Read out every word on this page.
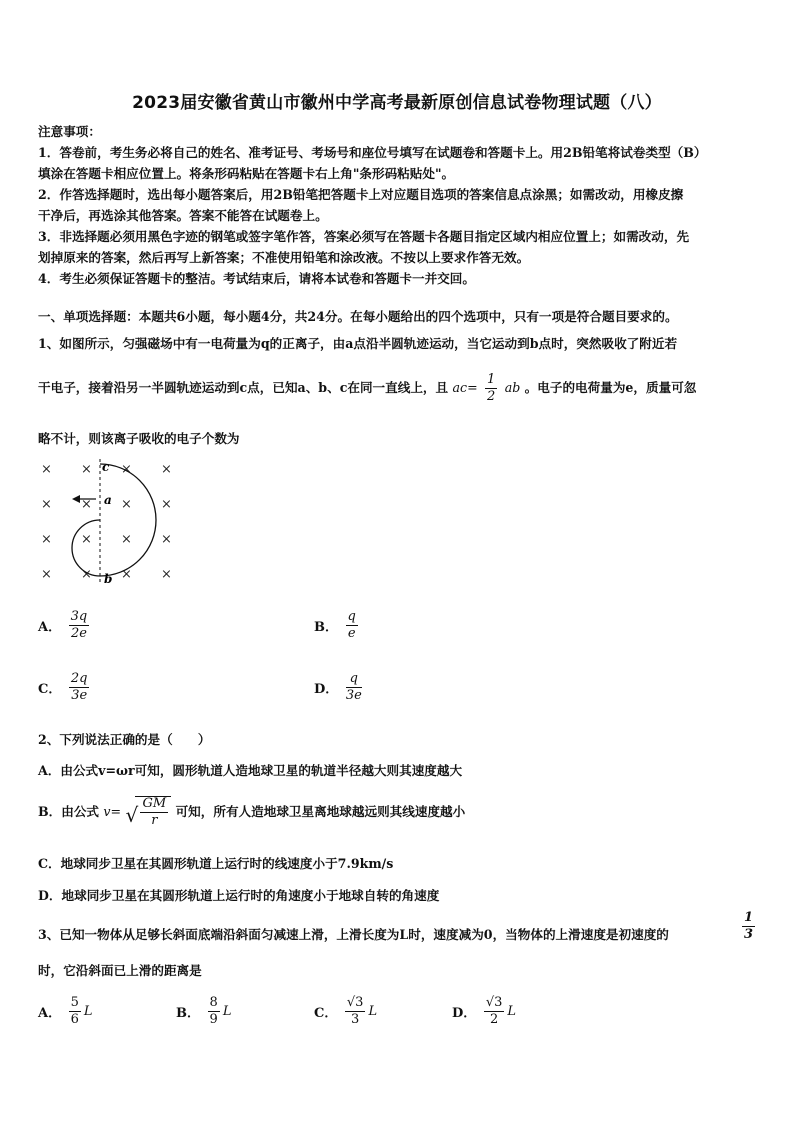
2023届安徽省黄山市徽州中学高考最新原创信息试卷物理试题（八）
注意事项：
1．答卷前，考生务必将自己的姓名、准考证号、考场号和座位号填写在试题卷和答题卡上。用2B铅笔将试卷类型（B）
填涂在答题卡相应位置上。将条形码粘贴在答题卡右上角"条形码粘贴处"。
2．作答选择题时，选出每小题答案后，用2B铅笔把答题卡上对应题目选项的答案信息点涂黑；如需改动，用橡皮擦
干净后，再选涂其他答案。答案不能答在试题卷上。
3．非选择题必须用黑色字迹的钢笔或签字笔作答，答案必须写在答题卡各题目指定区域内相应位置上；如需改动，先
划掉原来的答案，然后再写上新答案；不准使用铅笔和涂改液。不按以上要求作答无效。
4．考生必须保证答题卡的整洁。考试结束后，请将本试卷和答题卡一并交回。
一、单项选择题：本题共6小题，每小题4分，共24分。在每小题给出的四个选项中，只有一项是符合题目要求的。
1、如图所示，匀强磁场中有一电荷量为q的正离子，由a点沿半圆轨迹运动，当它运动到b点时，突然吸收了附近若
干电子，接着沿另一半圆轨迹运动到c点，已知a、b、c在同一直线上，且 $ac= \frac{1}{2}$ ab 。电子的电荷量为e，质量可忽
略不计，则该离子吸收的电子个数为
× × × ×
× × × ×
× × × ×
× × × ×
c
a
b
A． $\frac{3q}{2e}$	B． $\frac{q}{e}$
C． $\frac{2q}{3e}$	D． $\frac{q}{3e}$
2、下列说法正确的是（　　）
A．由公式v=ωr可知，圆形轨道人造地球卫星的轨道半径越大则其速度越大
B．由公式 v= √ $\frac{GM}{r}$ 可知，所有人造地球卫星离地球越远则其线速度越小
C．地球同步卫星在其圆形轨道上运行时的线速度小于7.9km/s
D．地球同步卫星在其圆形轨道上运行时的角速度小于地球自转的角速度
3、已知一物体从足够长斜面底端沿斜面匀减速上滑，上滑长度为L时，速度减为0，当物体的上滑速度是初速度的	$\frac{1}{3}$
时，它沿斜面已上滑的距离是
A． $\frac{5}{6}$ L	B． $\frac{8}{9}$ L	C． $\frac{√3}{3}$ L	D． $\frac{√3}{2}$ L
